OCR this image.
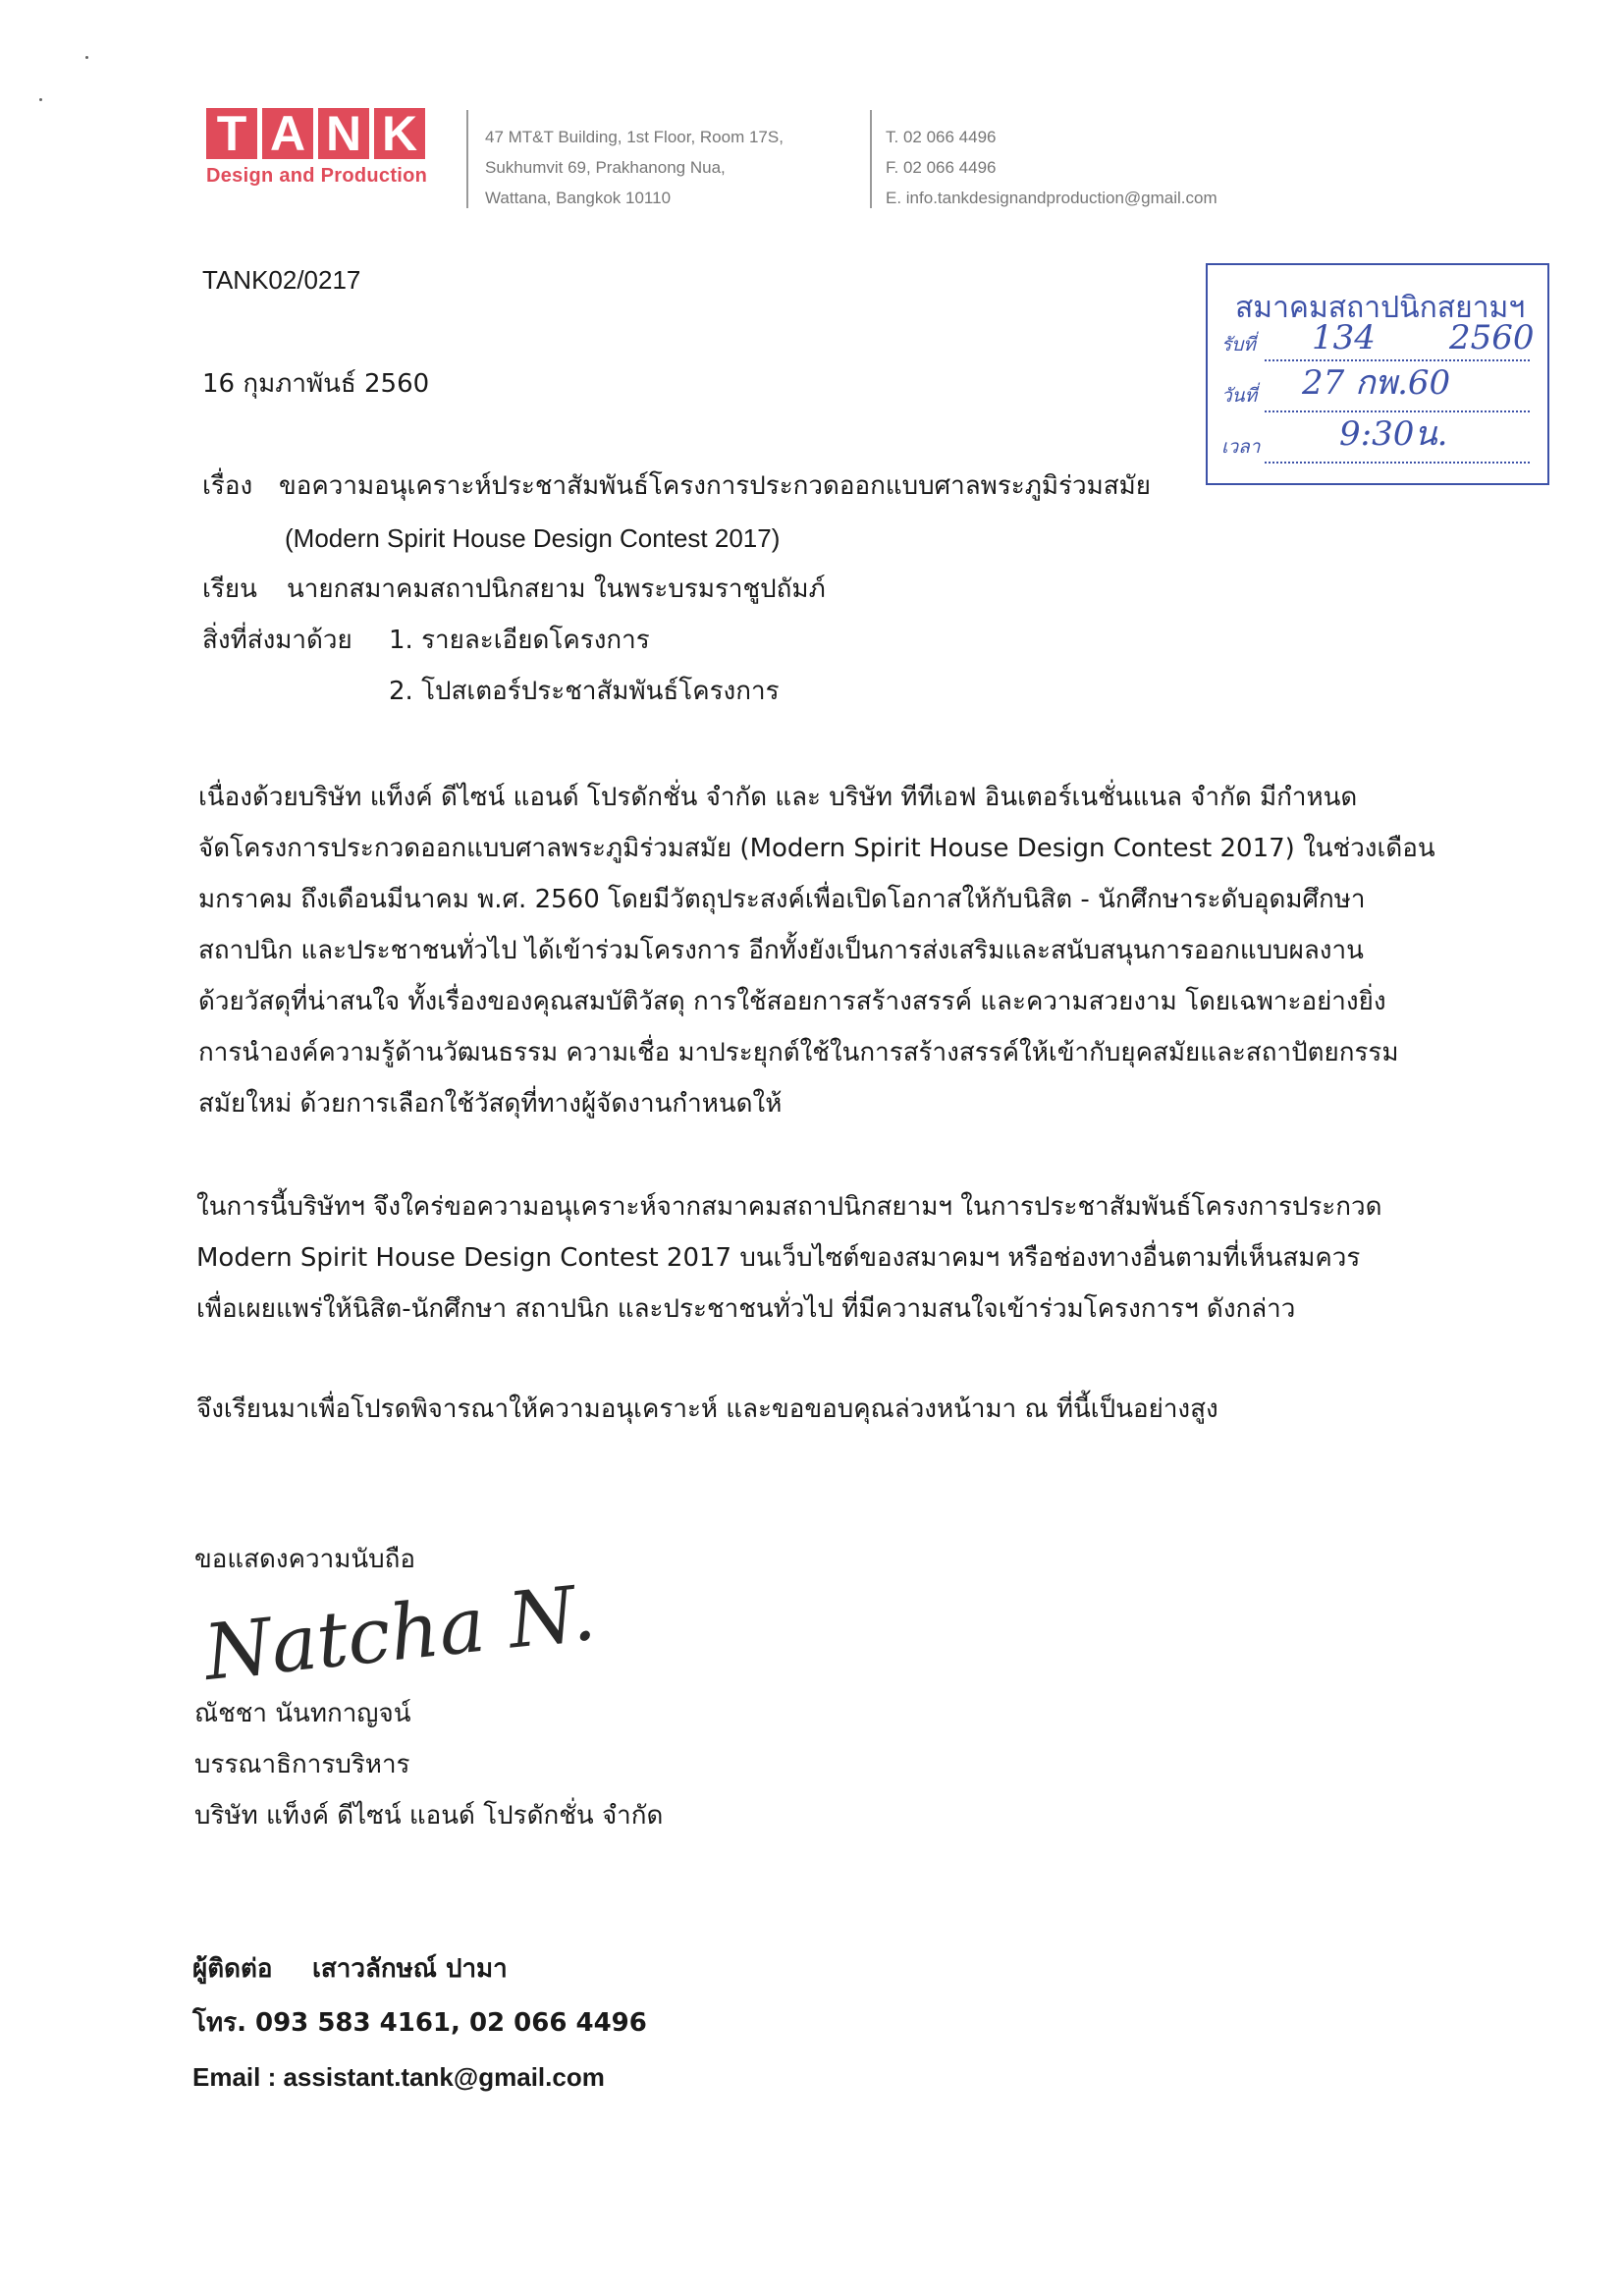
T A N K
Design and Production
47 MT&T Building, 1st Floor, Room 17S,
Sukhumvit 69, Prakhanong Nua,
Wattana, Bangkok 10110
T. 02 066 4496
F. 02 066 4496
E. info.tankdesignandproduction@gmail.com
TANK02/0217
16 กุมภาพันธ์ 2560
สมาคมสถาปนิกสยามฯ
รับที่ 134 2560
วันที่ 27 กพ.60
เวลา 9:30น.
เรื่อง ขอความอนุเคราะห์ประชาสัมพันธ์โครงการประกวดออกแบบศาลพระภูมิร่วมสมัย
(Modern Spirit House Design Contest 2017)
เรียน นายกสมาคมสถาปนิกสยาม ในพระบรมราชูปถัมภ์
สิ่งที่ส่งมาด้วย 1. รายละเอียดโครงการ
2. โปสเตอร์ประชาสัมพันธ์โครงการ
เนื่องด้วยบริษัท แท็งค์ ดีไซน์ แอนด์ โปรดักชั่น จำกัด และ บริษัท ทีทีเอฟ อินเตอร์เนชั่นแนล จำกัด มีกำหนด
จัดโครงการประกวดออกแบบศาลพระภูมิร่วมสมัย (Modern Spirit House Design Contest 2017) ในช่วงเดือน
มกราคม ถึงเดือนมีนาคม พ.ศ. 2560 โดยมีวัตถุประสงค์เพื่อเปิดโอกาสให้กับนิสิต - นักศึกษาระดับอุดมศึกษา
สถาปนิก และประชาชนทั่วไป ได้เข้าร่วมโครงการ อีกทั้งยังเป็นการส่งเสริมและสนับสนุนการออกแบบผลงาน
ด้วยวัสดุที่น่าสนใจ ทั้งเรื่องของคุณสมบัติวัสดุ การใช้สอยการสร้างสรรค์ และความสวยงาม โดยเฉพาะอย่างยิ่ง
การนำองค์ความรู้ด้านวัฒนธรรม ความเชื่อ มาประยุกต์ใช้ในการสร้างสรรค์ให้เข้ากับยุคสมัยและสถาปัตยกรรม
สมัยใหม่ ด้วยการเลือกใช้วัสดุที่ทางผู้จัดงานกำหนดให้
ในการนี้บริษัทฯ จึงใคร่ขอความอนุเคราะห์จากสมาคมสถาปนิกสยามฯ ในการประชาสัมพันธ์โครงการประกวด
Modern Spirit House Design Contest 2017 บนเว็บไซต์ของสมาคมฯ หรือช่องทางอื่นตามที่เห็นสมควร
เพื่อเผยแพร่ให้นิสิต-นักศึกษา สถาปนิก และประชาชนทั่วไป ที่มีความสนใจเข้าร่วมโครงการฯ ดังกล่าว
จึงเรียนมาเพื่อโปรดพิจารณาให้ความอนุเคราะห์ และขอขอบคุณล่วงหน้ามา ณ ที่นี้เป็นอย่างสูง
ขอแสดงความนับถือ
Natcha N.
ณัชชา นันทกาญจน์
บรรณาธิการบริหาร
บริษัท แท็งค์ ดีไซน์ แอนด์ โปรดักชั่น จำกัด
ผู้ติดต่อ เสาวลักษณ์ ปามา
โทร. 093 583 4161, 02 066 4496
Email : assistant.tank@gmail.com
